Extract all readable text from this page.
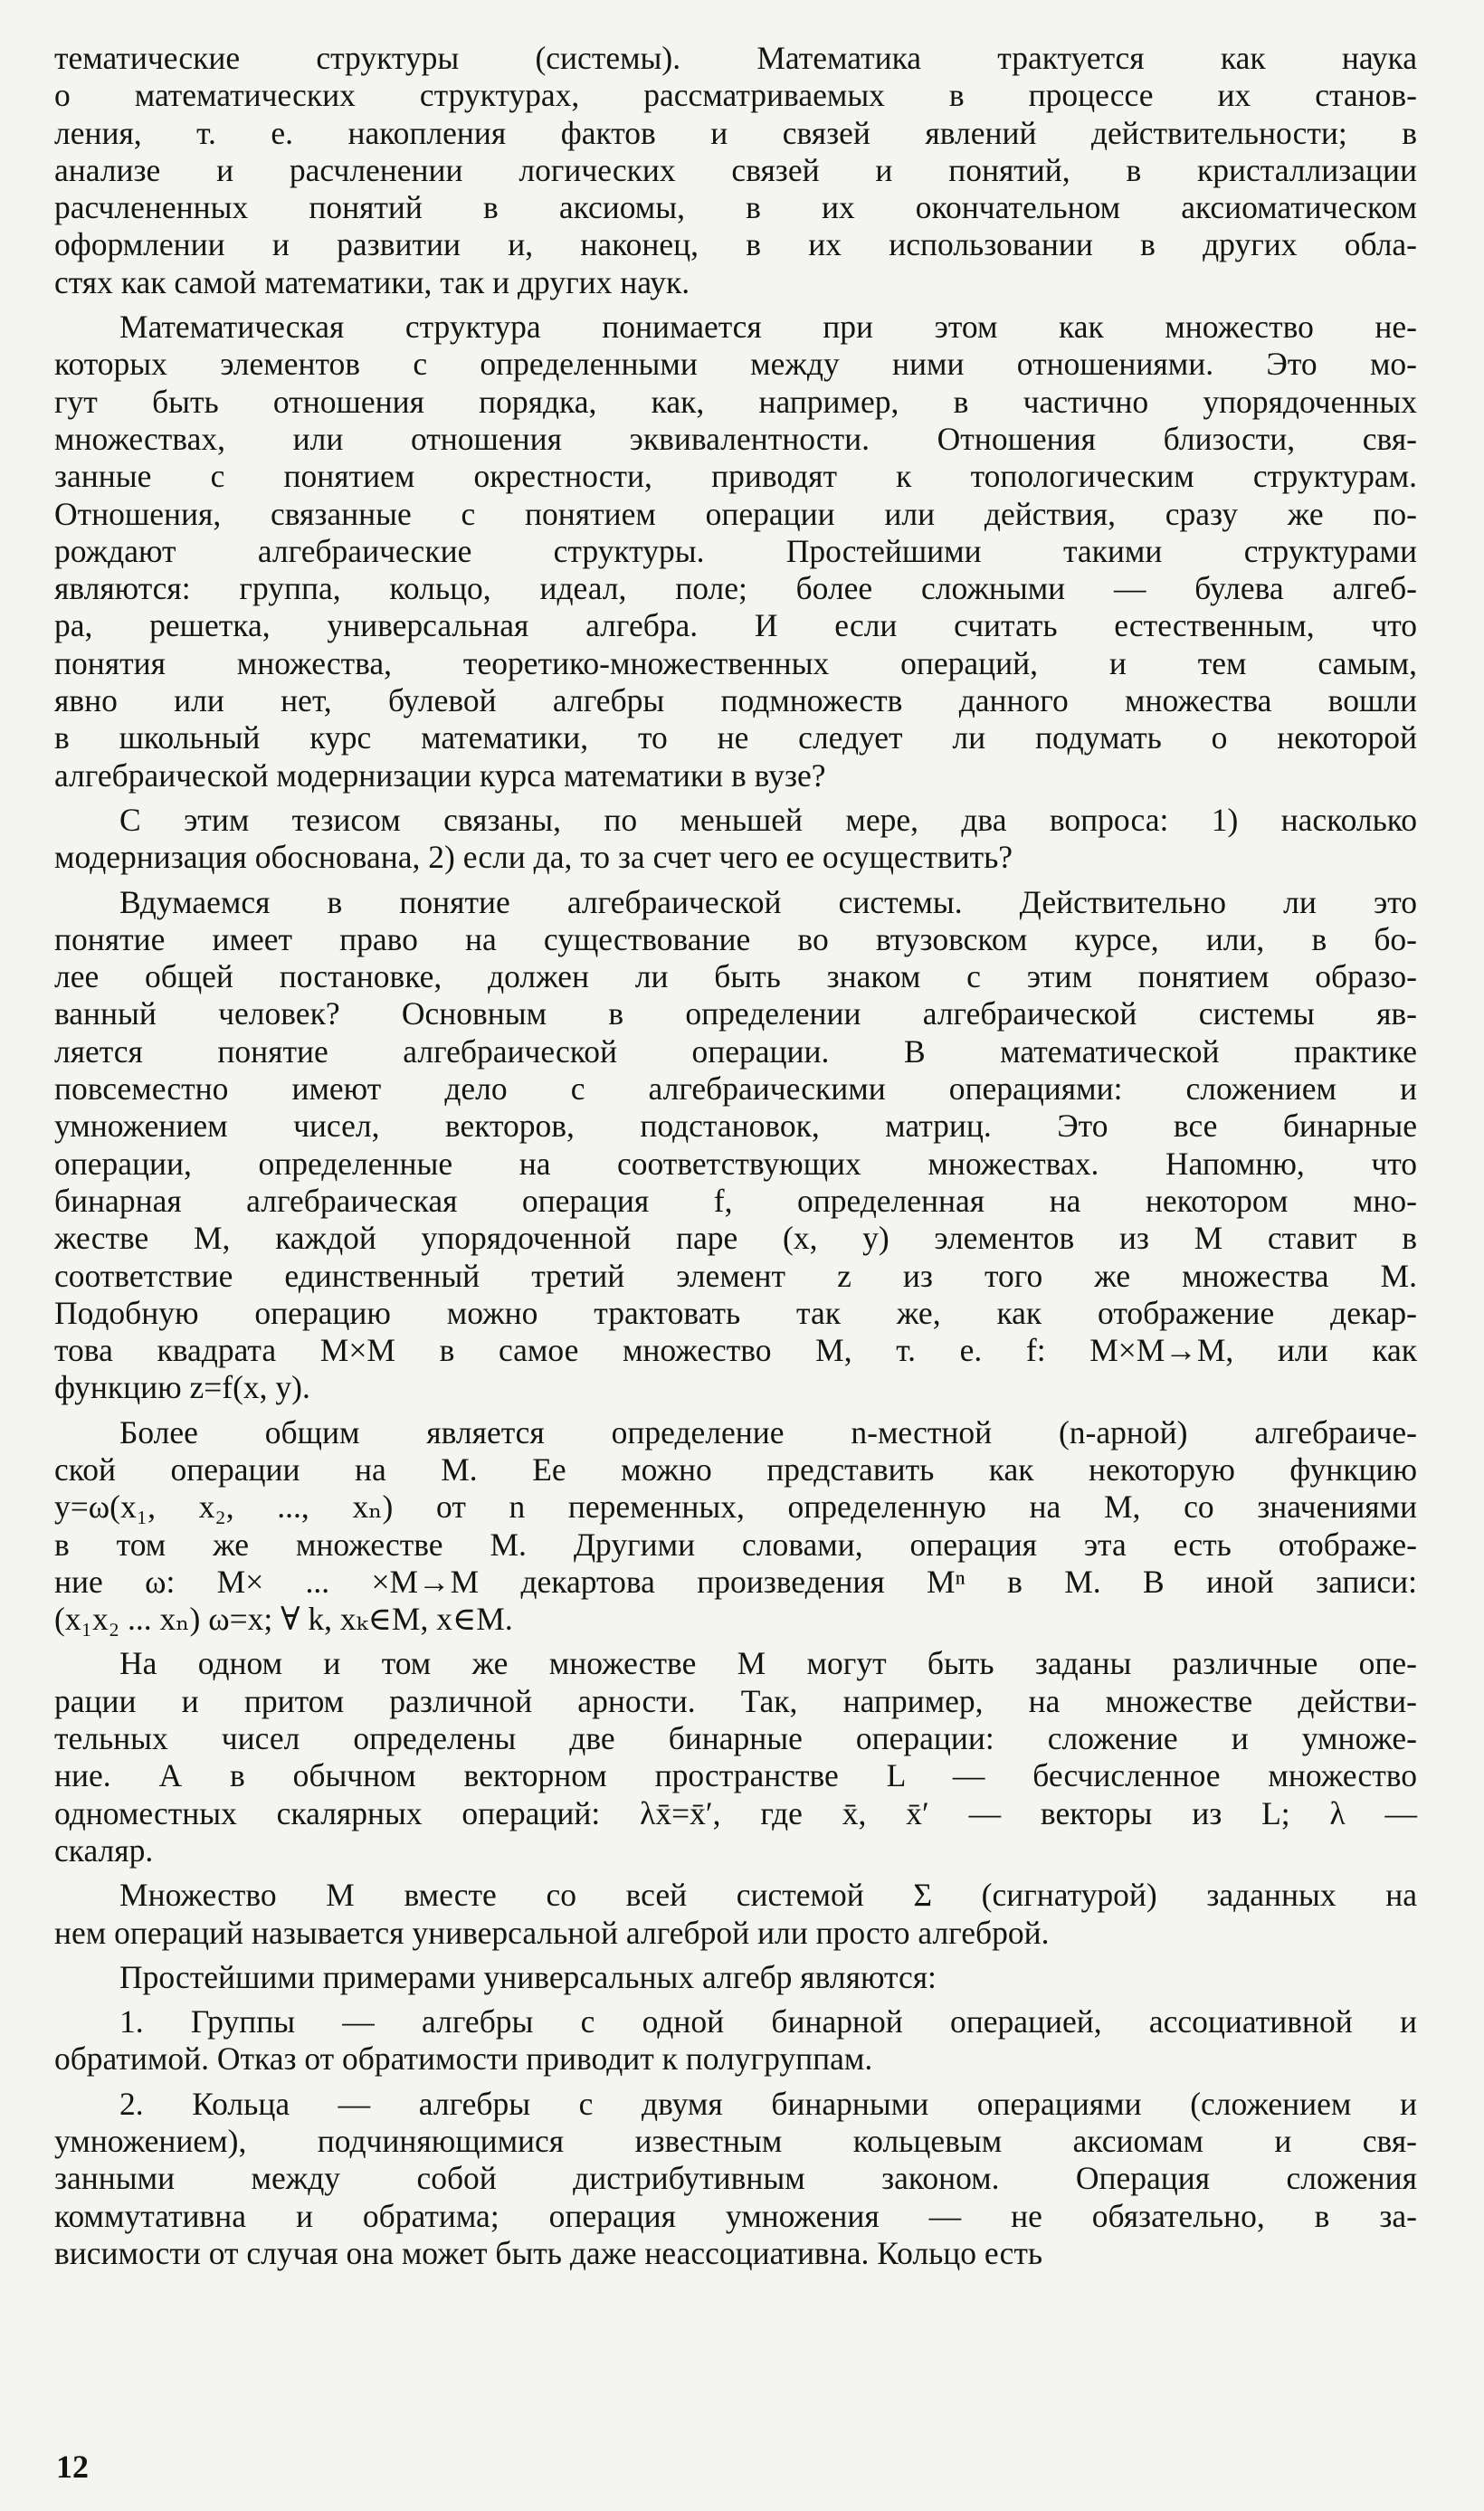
тематические структуры (системы). Математика трактуется как наука
о математических структурах, рассматриваемых в процессе их станов-
ления, т. е. накопления фактов и связей явлений действительности; в
анализе и расчленении логических связей и понятий, в кристаллизации
расчлененных понятий в аксиомы, в их окончательном аксиоматическом
оформлении и развитии и, наконец, в их использовании в других обла-
стях как самой математики, так и других наук.
Математическая структура понимается при этом как множество не-
которых элементов с определенными между ними отношениями. Это мо-
гут быть отношения порядка, как, например, в частично упорядоченных
множествах, или отношения эквивалентности. Отношения близости, свя-
занные с понятием окрестности, приводят к топологическим структурам.
Отношения, связанные с понятием операции или действия, сразу же по-
рождают алгебраические структуры. Простейшими такими структурами
являются: группа, кольцо, идеал, поле; более сложными — булева алгеб-
ра, решетка, универсальная алгебра. И если считать естественным, что
понятия множества, теоретико-множественных операций, и тем самым,
явно или нет, булевой алгебры подмножеств данного множества вошли
в школьный курс математики, то не следует ли подумать о некоторой
алгебраической модернизации курса математики в вузе?
С этим тезисом связаны, по меньшей мере, два вопроса: 1) насколько
модернизация обоснована, 2) если да, то за счет чего ее осуществить?
Вдумаемся в понятие алгебраической системы. Действительно ли это
понятие имеет право на существование во втузовском курсе, или, в бо-
лее общей постановке, должен ли быть знаком с этим понятием образо-
ванный человек? Основным в определении алгебраической системы яв-
ляется понятие алгебраической операции. В математической практике
повсеместно имеют дело с алгебраическими операциями: сложением и
умножением чисел, векторов, подстановок, матриц. Это все бинарные
операции, определенные на соответствующих множествах. Напомню, что
бинарная алгебраическая операция f, определенная на некотором мно-
жестве M, каждой упорядоченной паре (x, y) элементов из M ставит в
соответствие единственный третий элемент z из того же множества M.
Подобную операцию можно трактовать так же, как отображение декар-
това квадрата M×M в самое множество M, т. е. f: M×M→M, или как
функцию z=f(x, y).
Более общим является определение n-местной (n-арной) алгебраиче-
ской операции на M. Ее можно представить как некоторую функцию
y=ω(x₁, x₂, ..., xₙ) от n переменных, определенную на M, со значениями
в том же множестве M. Другими словами, операция эта есть отображе-
ние ω: M× ... ×M→M декартова произведения Mⁿ в M. В иной записи:
(x₁x₂ ... xₙ) ω=x; ∀ k, xₖ∈M, x∈M.
На одном и том же множестве M могут быть заданы различные опе-
рации и притом различной арности. Так, например, на множестве действи-
тельных чисел определены две бинарные операции: сложение и умноже-
ние. А в обычном векторном пространстве L — бесчисленное множество
одноместных скалярных операций: λx̄=x̄′, где x̄, x̄′ — векторы из L; λ —
скаляр.
Множество M вместе со всей системой Σ (сигнатурой) заданных на
нем операций называется универсальной алгеброй или просто алгеброй.
Простейшими примерами универсальных алгебр являются:
1. Группы — алгебры с одной бинарной операцией, ассоциативной и
обратимой. Отказ от обратимости приводит к полугруппам.
2. Кольца — алгебры с двумя бинарными операциями (сложением и
умножением), подчиняющимися известным кольцевым аксиомам и свя-
занными между собой дистрибутивным законом. Операция сложения
коммутативна и обратима; операция умножения — не обязательно, в за-
висимости от случая она может быть даже неассоциативна. Кольцо есть
12
